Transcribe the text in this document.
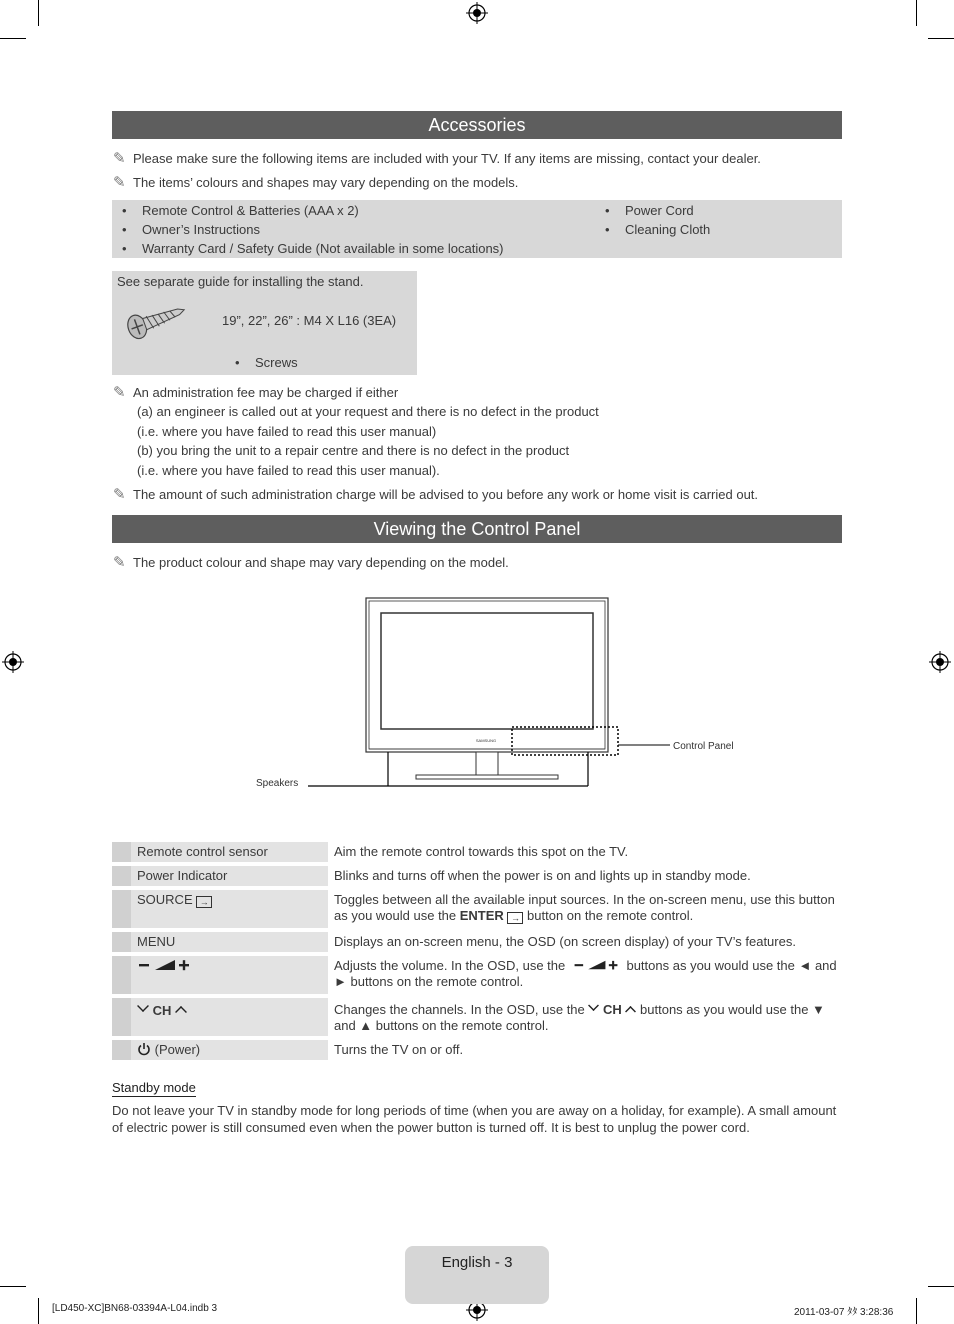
Accessories
✎ Please make sure the following items are included with your TV. If any items are missing, contact your dealer.
✎ The items’ colours and shapes may vary depending on the models.
• Remote Control & Batteries (AAA x 2)
• Owner’s Instructions
• Warranty Card / Safety Guide (Not available in some locations)
• Power Cord
• Cleaning Cloth
See separate guide for installing the stand.
19”, 22”, 26” : M4 X L16 (3EA)
• Screws
✎ An administration fee may be charged if either
(a) an engineer is called out at your request and there is no defect in the product
(i.e. where you have failed to read this user manual)
(b) you bring the unit to a repair centre and there is no defect in the product
(i.e. where you have failed to read this user manual).
✎ The amount of such administration charge will be advised to you before any work or home visit is carried out.
Viewing the Control Panel
✎ The product colour and shape may vary depending on the model.
SAMSUNG
Control Panel
Speakers
	Remote control sensor	Aim the remote control towards this spot on the TV.
	Power Indicator	Blinks and turns off when the power is on and lights up in standby mode.
	SOURCE →	Toggles between all the available input sources. In the on-screen menu, use this button as you would use the ENTER → button on the remote control.
	MENU	Displays an on-screen menu, the OSD (on screen display) of your TV’s features.
		Adjusts the volume. In the OSD, use the buttons as you would use the ◄ and ► buttons on the remote control.
	CH	Changes the channels. In the OSD, use the  CH  buttons as you would use the ▼ and ▲ buttons on the remote control.
	(Power)	Turns the TV on or off.
Standby mode
Do not leave your TV in standby mode for long periods of time (when you are away on a holiday, for example). A small amount of electric power is still consumed even when the power button is turned off. It is best to unplug the power cord.
English - 3
[LD450-XC]BN68-03394A-L04.indb 3	2011-03-07 ﾀﾀ 3:28:36
